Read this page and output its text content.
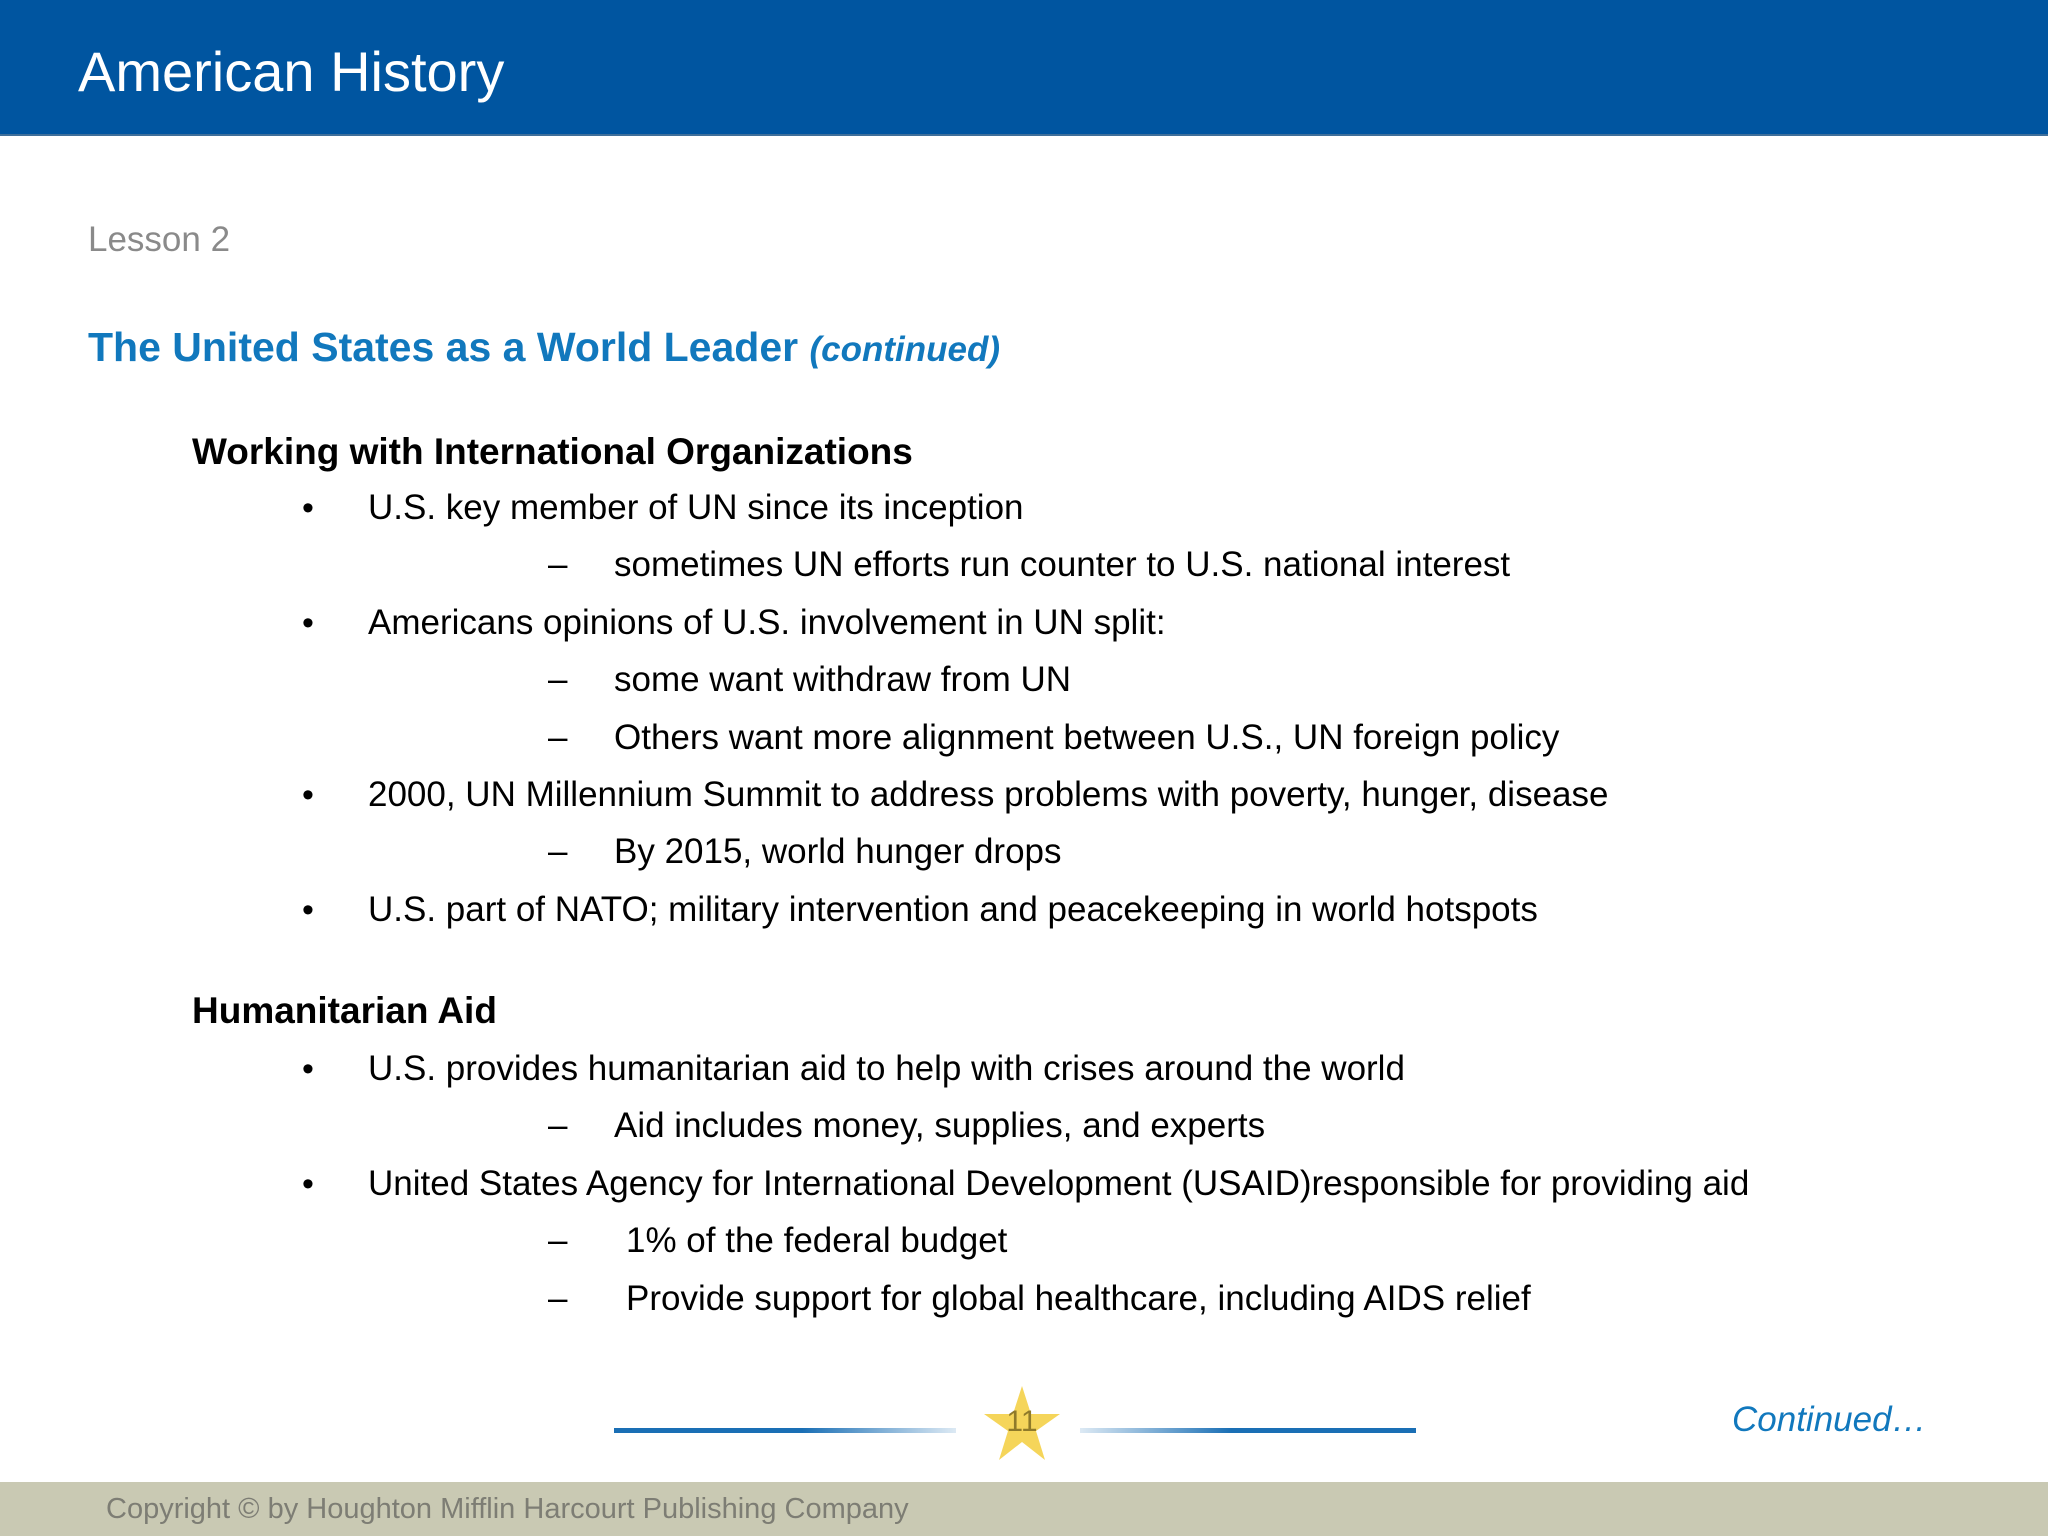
American History
Lesson 2
The United States as a World Leader (continued)
Working with International Organizations
• U.S. key member of UN since its inception
– sometimes UN efforts run counter to U.S. national interest
• Americans opinions of U.S. involvement in UN split:
– some want withdraw from UN
– Others want more alignment between U.S., UN foreign policy
• 2000, UN Millennium Summit to address problems with poverty, hunger, disease
– By 2015, world hunger drops
• U.S. part of NATO; military intervention and peacekeeping in world hotspots
Humanitarian Aid
• U.S. provides humanitarian aid to help with crises around the world
– Aid includes money, supplies, and experts
• United States Agency for International Development (USAID)responsible for providing aid
– 1% of the federal budget
– Provide support for global healthcare, including AIDS relief
11	Continued…
Copyright © by Houghton Mifflin Harcourt Publishing Company
